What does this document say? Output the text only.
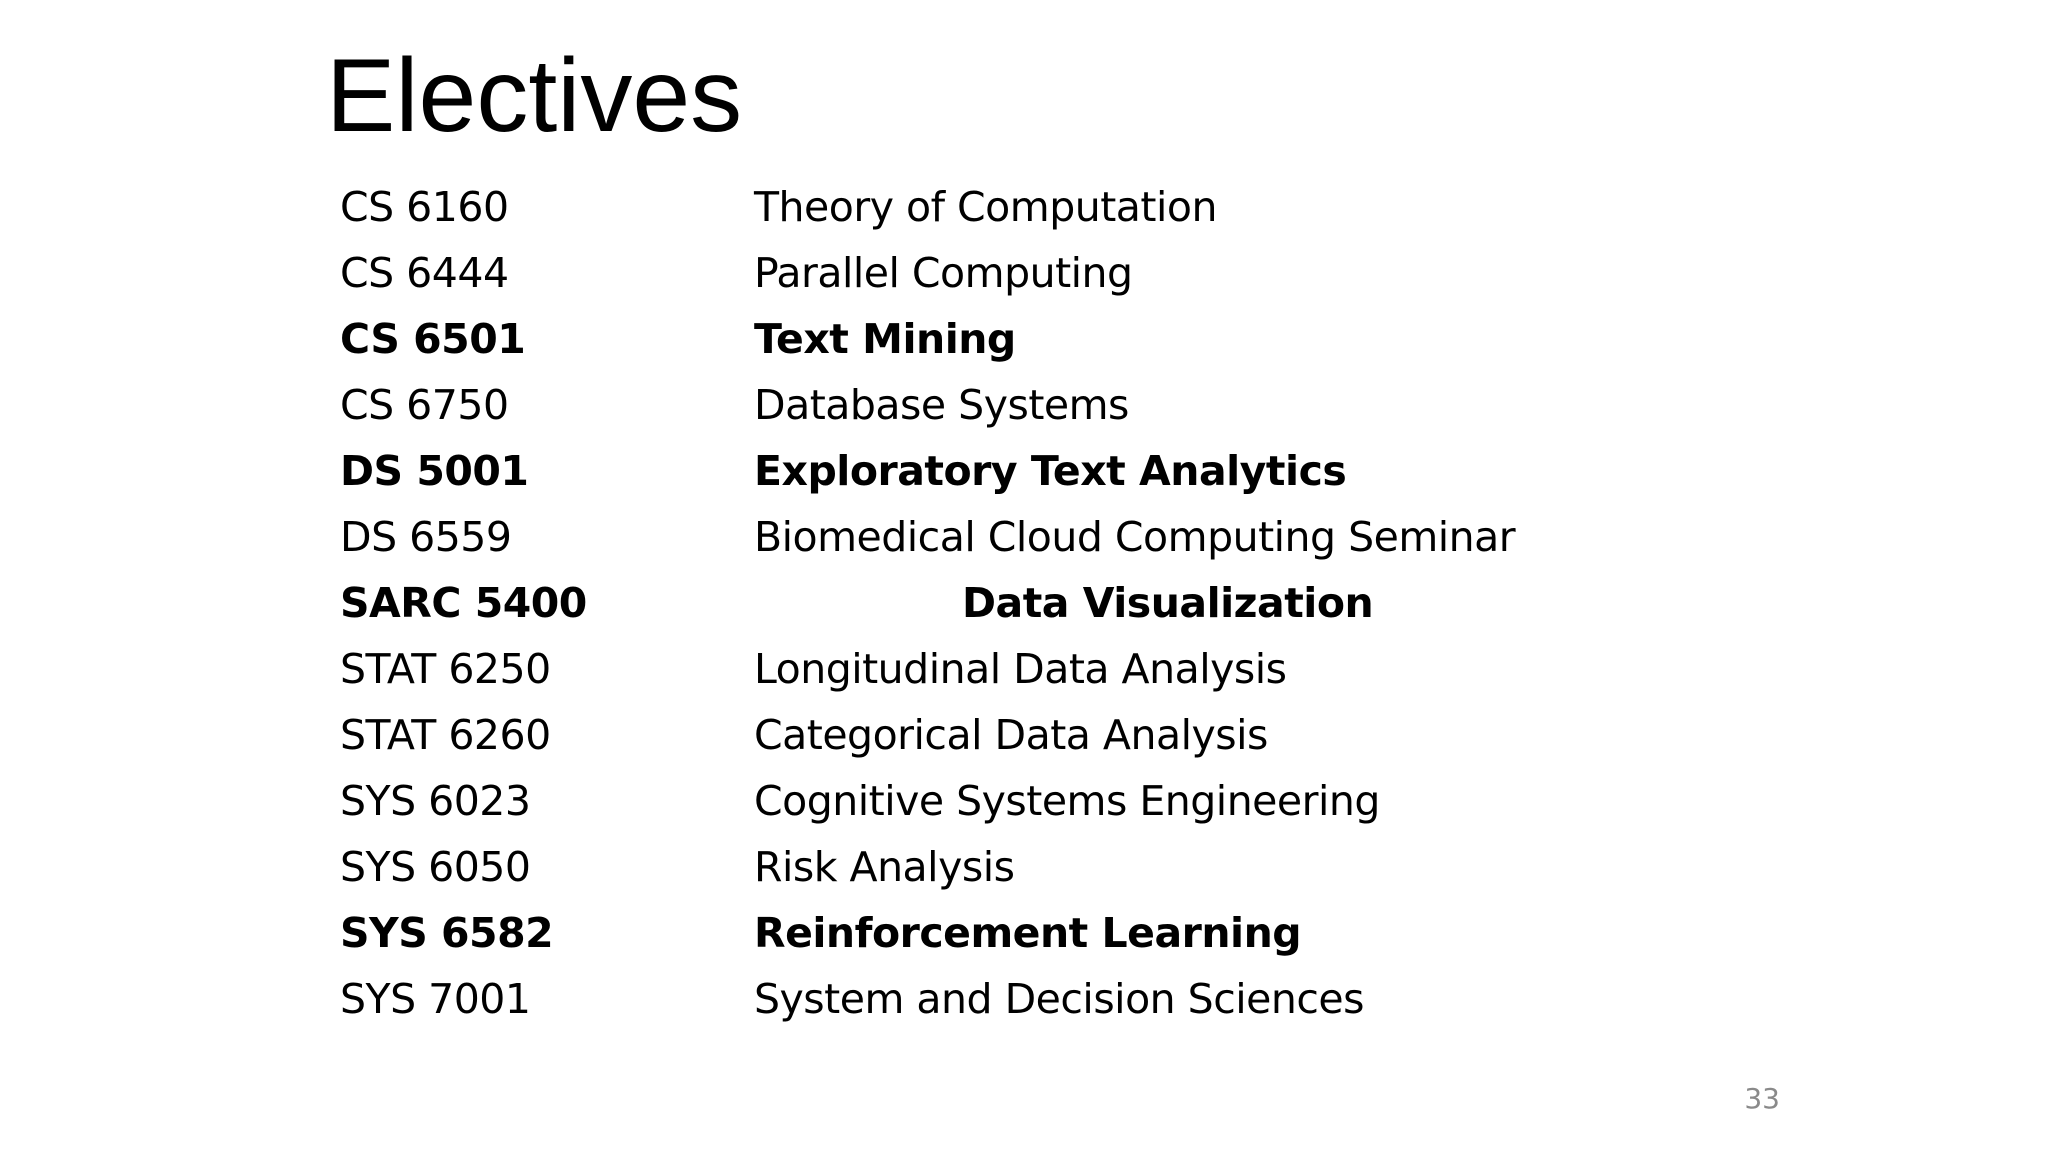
Electives
CS 6160	Theory of Computation
CS 6444	Parallel Computing
CS 6501	Text Mining
CS 6750	Database Systems
DS 5001	Exploratory Text Analytics
DS 6559	Biomedical Cloud Computing Seminar
SARC 5400	Data Visualization
STAT 6250	Longitudinal Data Analysis
STAT 6260	Categorical Data Analysis
SYS 6023	Cognitive Systems Engineering
SYS 6050	Risk Analysis
SYS 6582	Reinforcement Learning
SYS 7001	System and Decision Sciences
33
